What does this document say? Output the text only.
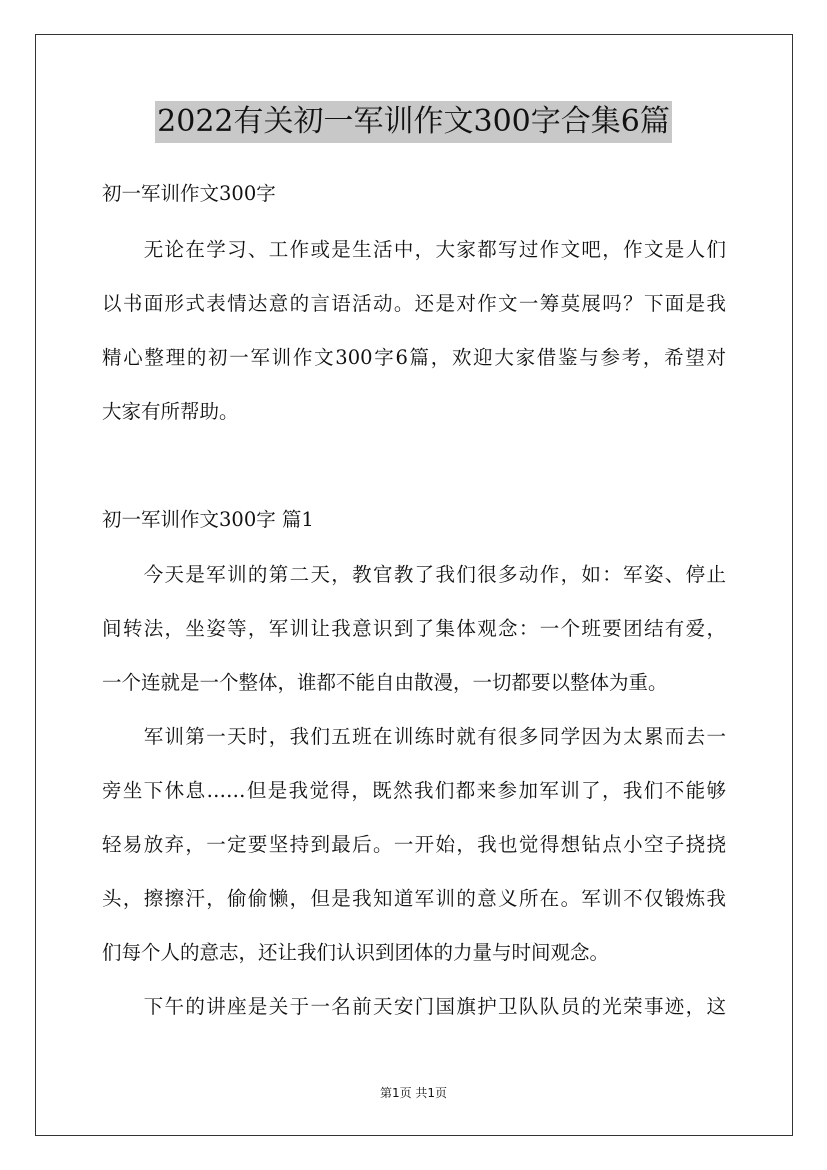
2022有关初一军训作文300字合集6篇
初一军训作文300字
　　无论在学习、工作或是生活中，大家都写过作文吧，作文是人们
以书面形式表情达意的言语活动。还是对作文一筹莫展吗？下面是我
精心整理的初一军训作文300字6篇，欢迎大家借鉴与参考，希望对
大家有所帮助。
初一军训作文300字 篇1
　　今天是军训的第二天，教官教了我们很多动作，如：军姿、停止
间转法，坐姿等，军训让我意识到了集体观念：一个班要团结有爱，
一个连就是一个整体，谁都不能自由散漫，一切都要以整体为重。
　　军训第一天时，我们五班在训练时就有很多同学因为太累而去一
旁坐下休息……但是我觉得，既然我们都来参加军训了，我们不能够
轻易放弃，一定要坚持到最后。一开始，我也觉得想钻点小空子挠挠
头，擦擦汗，偷偷懒，但是我知道军训的意义所在。军训不仅锻炼我
们每个人的意志，还让我们认识到团体的力量与时间观念。
　　下午的讲座是关于一名前天安门国旗护卫队队员的光荣事迹，这
第1页 共1页
